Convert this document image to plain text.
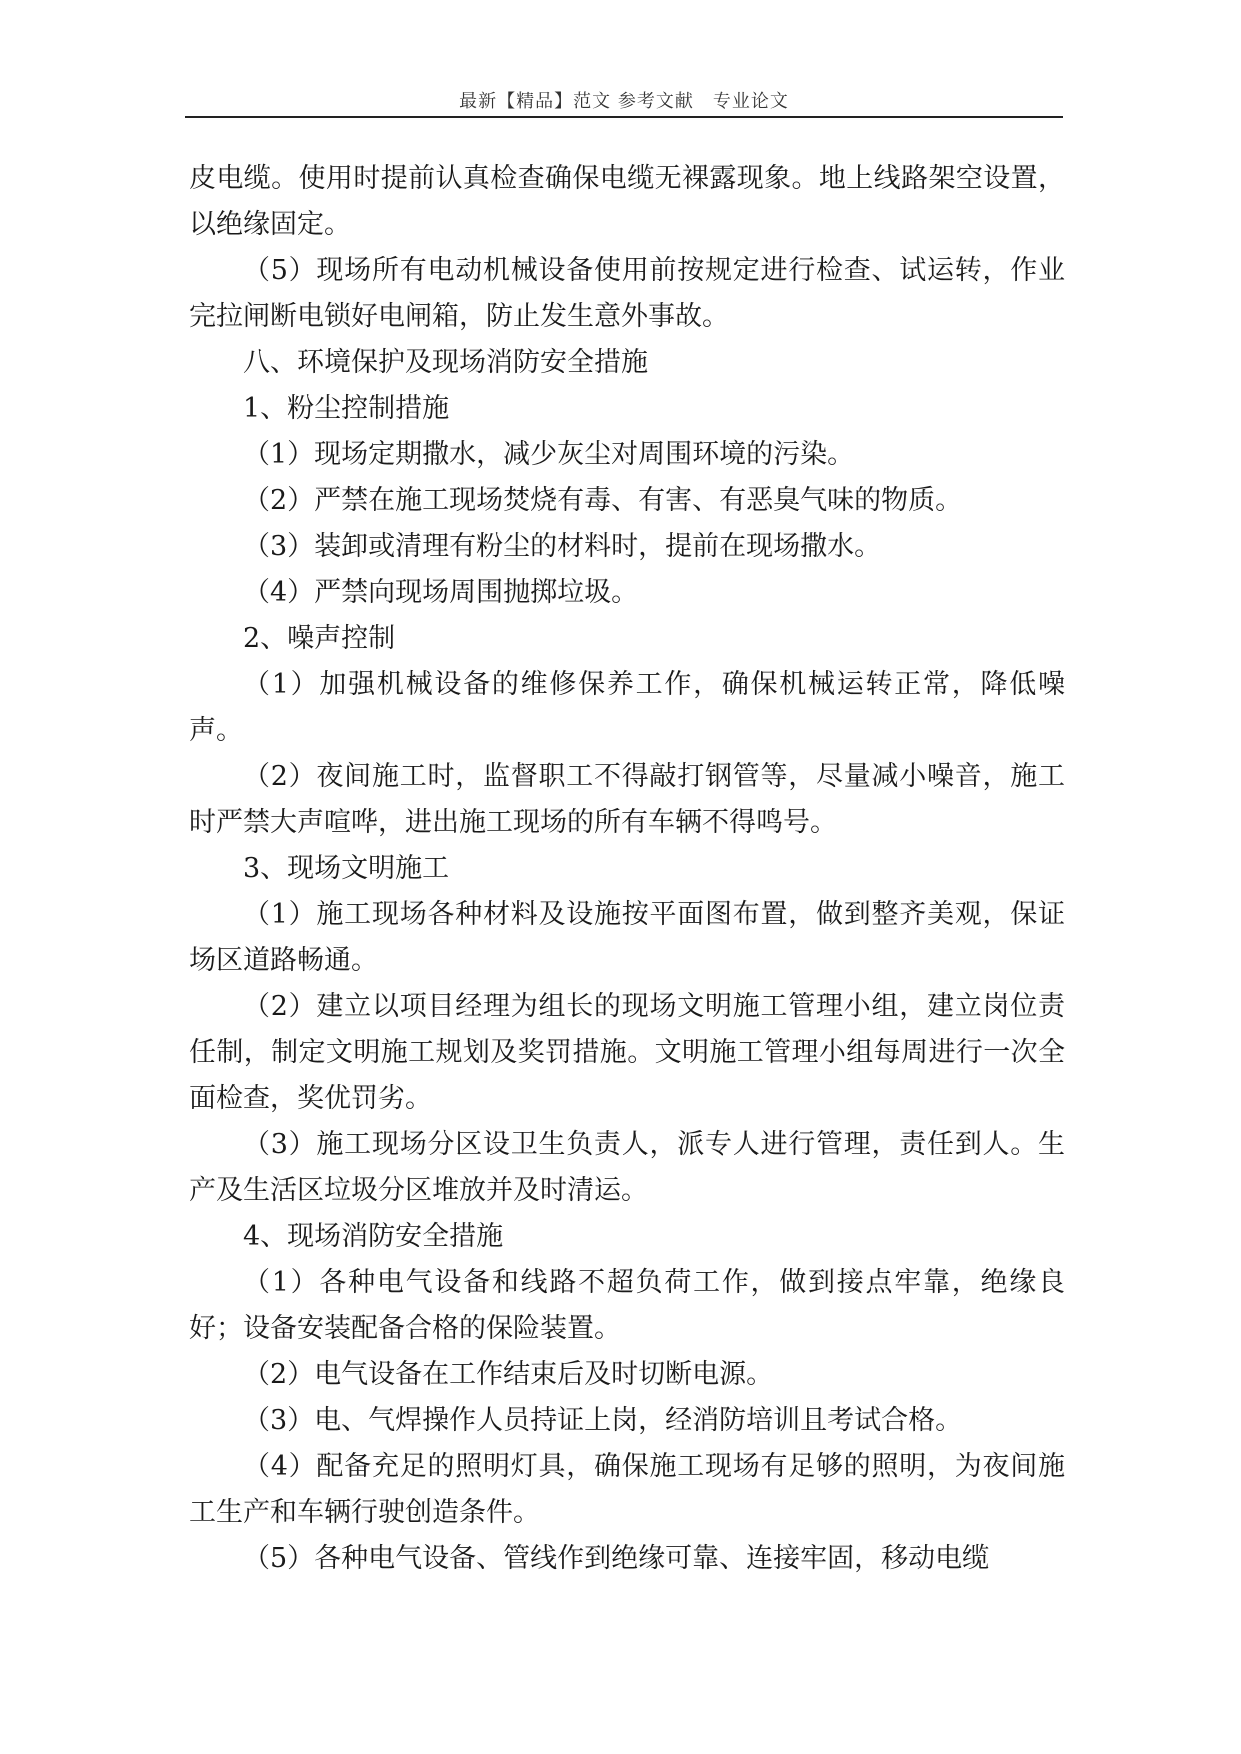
最新【精品】范文 参考文献　专业论文

皮电缆。使用时提前认真检查确保电缆无裸露现象。地上线路架空设置，以绝缘固定。

（5）现场所有电动机械设备使用前按规定进行检查、试运转，作业完拉闸断电锁好电闸箱，防止发生意外事故。

八、环境保护及现场消防安全措施

1、粉尘控制措施

（1）现场定期撒水，减少灰尘对周围环境的污染。

（2）严禁在施工现场焚烧有毒、有害、有恶臭气味的物质。

（3）装卸或清理有粉尘的材料时，提前在现场撒水。

（4）严禁向现场周围抛掷垃圾。

2、噪声控制

（1）加强机械设备的维修保养工作，确保机械运转正常，降低噪声。

（2）夜间施工时，监督职工不得敲打钢管等，尽量减小噪音，施工时严禁大声喧哗，进出施工现场的所有车辆不得鸣号。

3、现场文明施工

（1）施工现场各种材料及设施按平面图布置，做到整齐美观，保证场区道路畅通。

（2）建立以项目经理为组长的现场文明施工管理小组，建立岗位责任制，制定文明施工规划及奖罚措施。文明施工管理小组每周进行一次全面检查，奖优罚劣。

（3）施工现场分区设卫生负责人，派专人进行管理，责任到人。生产及生活区垃圾分区堆放并及时清运。

4、现场消防安全措施

（1）各种电气设备和线路不超负荷工作，做到接点牢靠，绝缘良好；设备安装配备合格的保险装置。

（2）电气设备在工作结束后及时切断电源。

（3）电、气焊操作人员持证上岗，经消防培训且考试合格。

（4）配备充足的照明灯具，确保施工现场有足够的照明，为夜间施工生产和车辆行驶创造条件。

（5）各种电气设备、管线作到绝缘可靠、连接牢固，移动电缆
